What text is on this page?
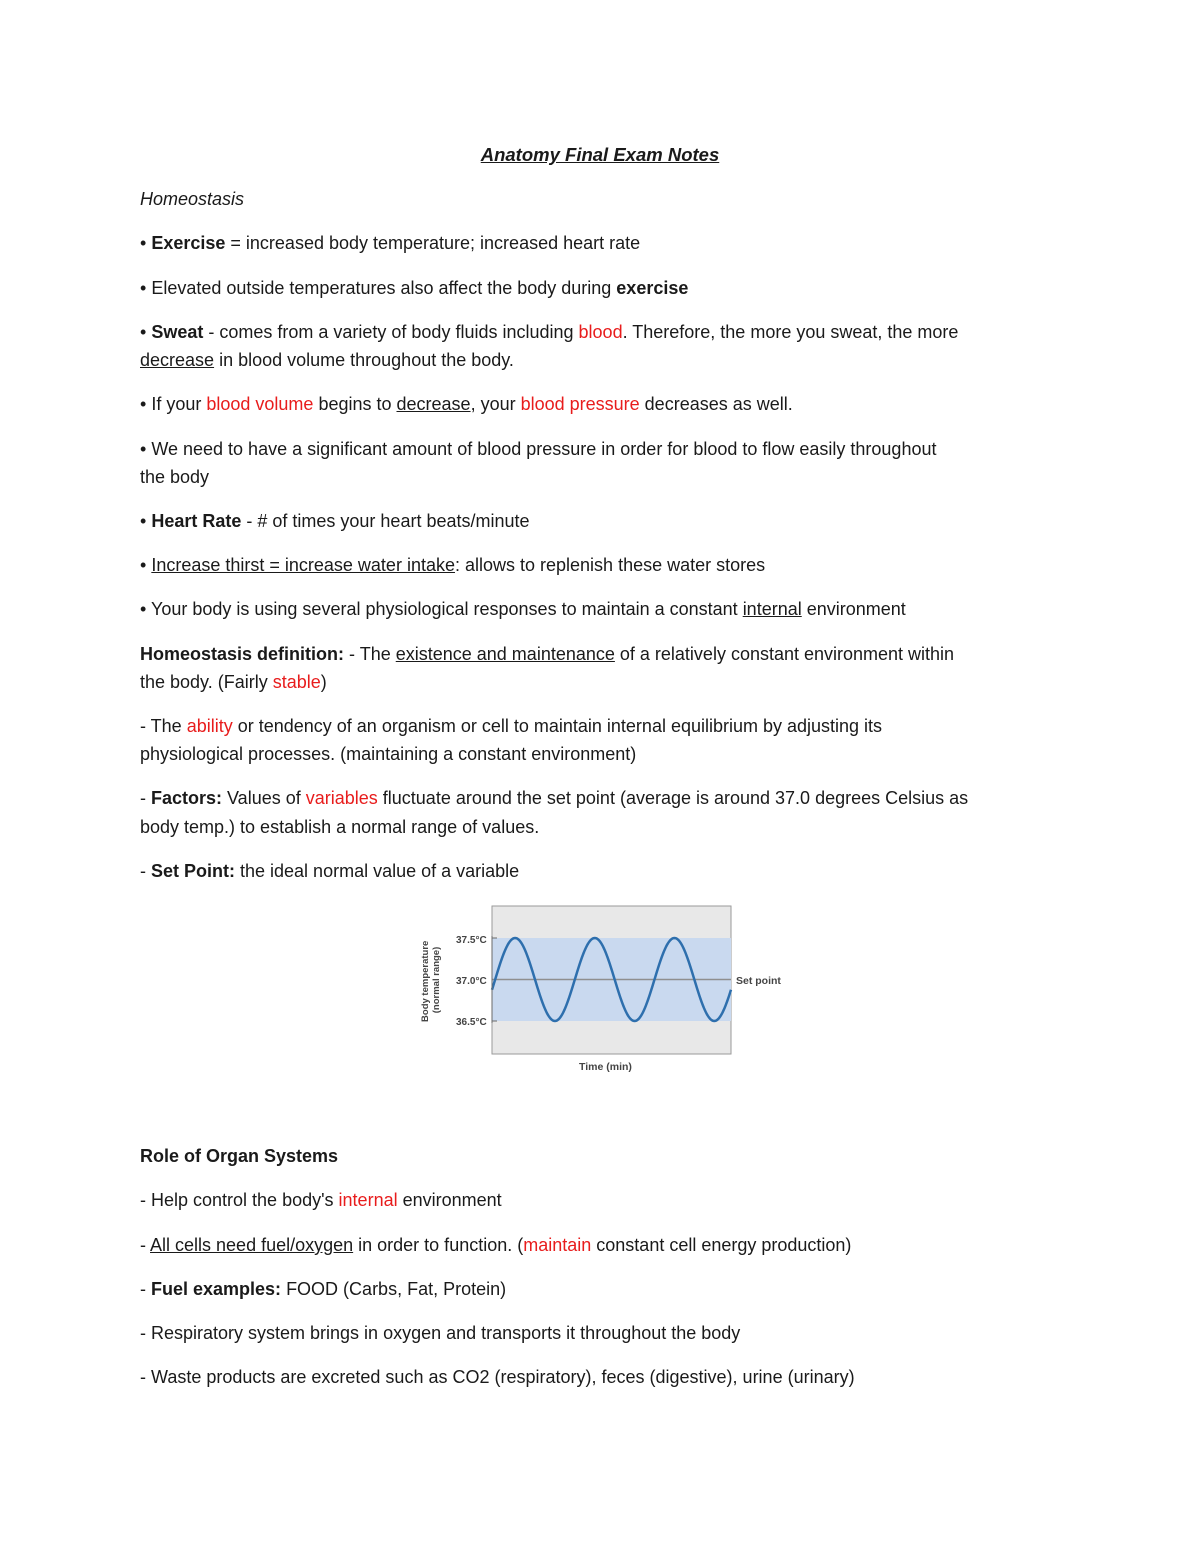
Anatomy Final Exam Notes
Homeostasis
• Exercise = increased body temperature; increased heart rate
• Elevated outside temperatures also affect the body during exercise
• Sweat - comes from a variety of body fluids including blood. Therefore, the more you sweat, the more
decrease in blood volume throughout the body.
• If your blood volume begins to decrease, your blood pressure decreases as well.
• We need to have a significant amount of blood pressure in order for blood to flow easily throughout
the body
• Heart Rate - # of times your heart beats/minute
• Increase thirst = increase water intake: allows to replenish these water stores
• Your body is using several physiological responses to maintain a constant internal environment
Homeostasis definition: - The existence and maintenance of a relatively constant environment within
the body. (Fairly stable)
- The ability or tendency of an organism or cell to maintain internal equilibrium by adjusting its
physiological processes. (maintaining a constant environment)
- Factors: Values of variables fluctuate around the set point (average is around 37.0 degrees Celsius as
body temp.) to establish a normal range of values.
- Set Point: the ideal normal value of a variable
37.5°C
37.0°C
36.5°C
Set point
Time (min)
Body temperature (normal range)
Role of Organ Systems
- Help control the body's internal environment
- All cells need fuel/oxygen in order to function. (maintain constant cell energy production)
- Fuel examples: FOOD (Carbs, Fat, Protein)
- Respiratory system brings in oxygen and transports it throughout the body
- Waste products are excreted such as CO2 (respiratory), feces (digestive), urine (urinary)
